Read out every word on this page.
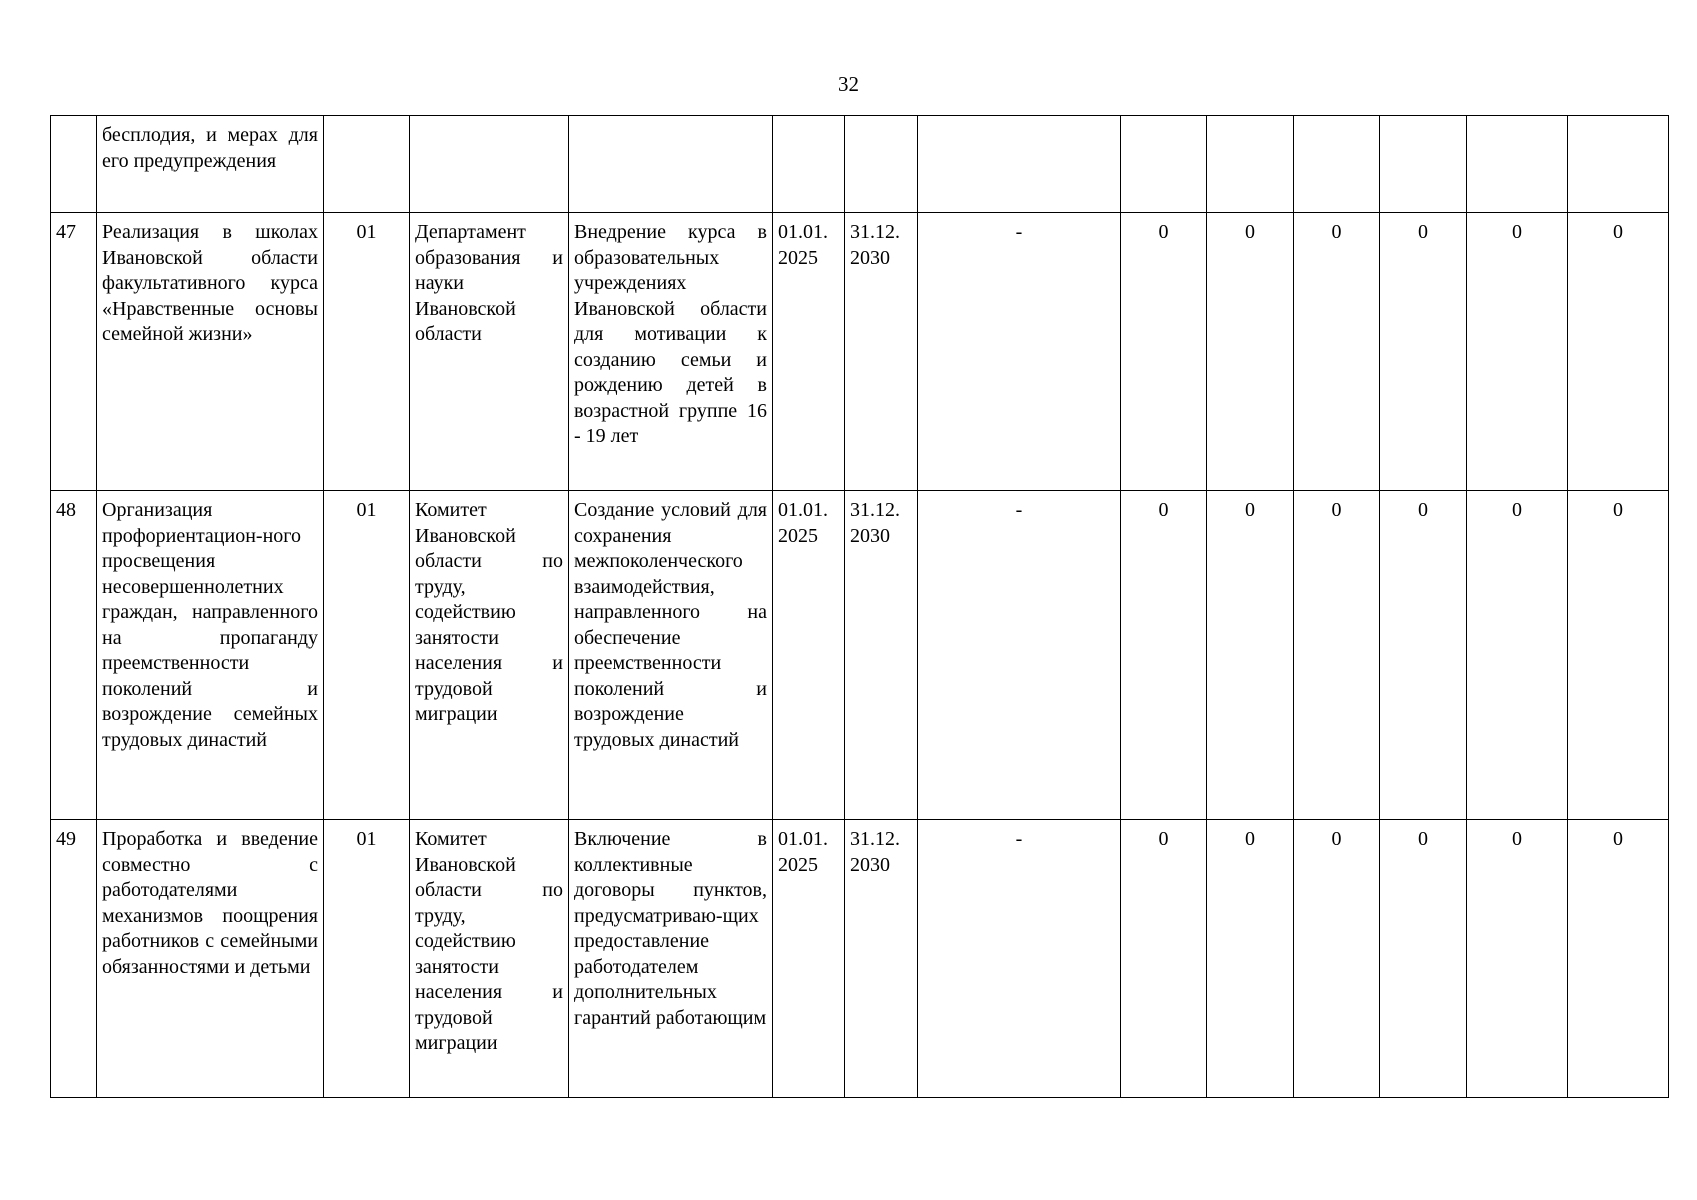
32
	бесплодия, и мерах для его предупреждения												
47	Реализация в школах Ивановской области факультативного курса «Нравственные основы семейной жизни»	01	Департамент образования и науки Ивановской области	Внедрение курса в образовательных учреждениях Ивановской области для мотивации к созданию семьи и рождению детей в возрастной группе 16 - 19 лет	01.01. 2025	31.12. 2030	-	0	0	0	0	0	0
48	Организация профориентацион-ного просвещения несовершеннолетних граждан, направленного на пропаганду преемственности поколений и возрождение семейных трудовых династий	01	Комитет Ивановской области по труду, содействию занятости населения и трудовой миграции	Создание условий для сохранения межпоколенческого взаимодействия, направленного на обеспечение преемственности поколений и возрождение трудовых династий	01.01. 2025	31.12. 2030	-	0	0	0	0	0	0
49	Проработка и введение совместно с работодателями механизмов поощрения работников с семейными обязанностями и детьми	01	Комитет Ивановской области по труду, содействию занятости населения и трудовой миграции	Включение в коллективные договоры пунктов, предусматриваю-щих предоставление работодателем дополнительных гарантий работающим	01.01. 2025	31.12. 2030	-	0	0	0	0	0	0
